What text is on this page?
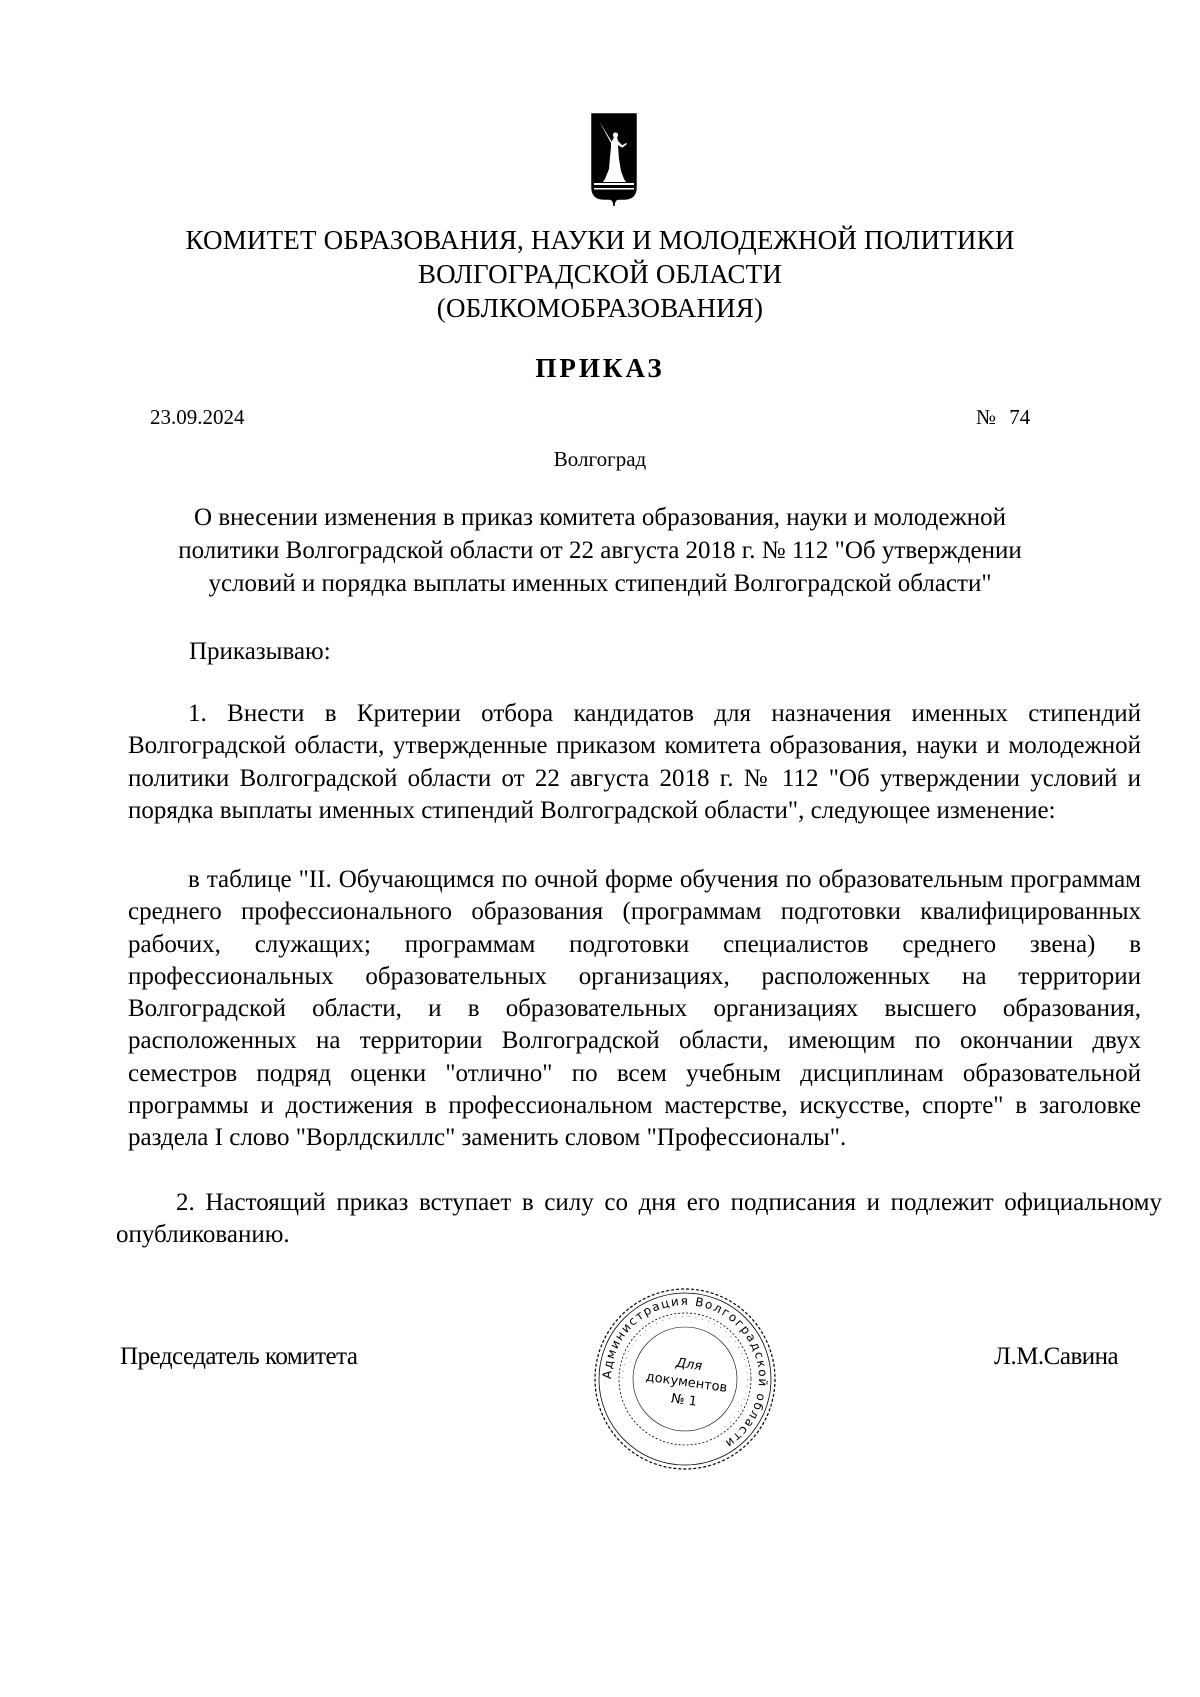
КОМИТЕТ ОБРАЗОВАНИЯ, НАУКИ И МОЛОДЕЖНОЙ ПОЛИТИКИ
ВОЛГОГРАДСКОЙ ОБЛАСТИ
(ОБЛКОМОБРАЗОВАНИЯ)
ПРИКАЗ
23.09.2024	№ 74
Волгоград
О внесении изменения в приказ комитета образования, науки и молодежной
политики Волгоградской области от 22 августа 2018 г. № 112 "Об утверждении
условий и порядка выплаты именных стипендий Волгоградской области"
Приказываю:

1. Внести в Критерии отбора кандидатов для назначения именных стипендий Волгоградской области, утвержденные приказом комитета образования, науки и молодежной политики Волгоградской области от 22 августа 2018 г. № 112 "Об утверждении условий и порядка выплаты именных стипендий Волгоградской области", следующее изменение:

в таблице "II. Обучающимся по очной форме обучения по образовательным программам среднего профессионального образования (программам подготовки квалифицированных рабочих, служащих; программам подготовки специалистов среднего звена) в профессиональных образовательных организациях, расположенных на территории Волгоградской области, и в образовательных организациях высшего образования, расположенных на территории Волгоградской области, имеющим по окончании двух семестров подряд оценки "отлично" по всем учебным дисциплинам образовательной программы и достижения в профессиональном мастерстве, искусстве, спорте" в заголовке раздела I слово "Ворлдскиллс" заменить словом "Профессионалы".

2. Настоящий приказ вступает в силу со дня его подписания и подлежит официальному опубликованию.

Председатель комитета	Л.М.Савина
Администрация Волгоградской области
· · · · · · · · · · · · · · · · · · · · · · · · · · · · · · · · · · · · · ·
Для
документов
№ 1
